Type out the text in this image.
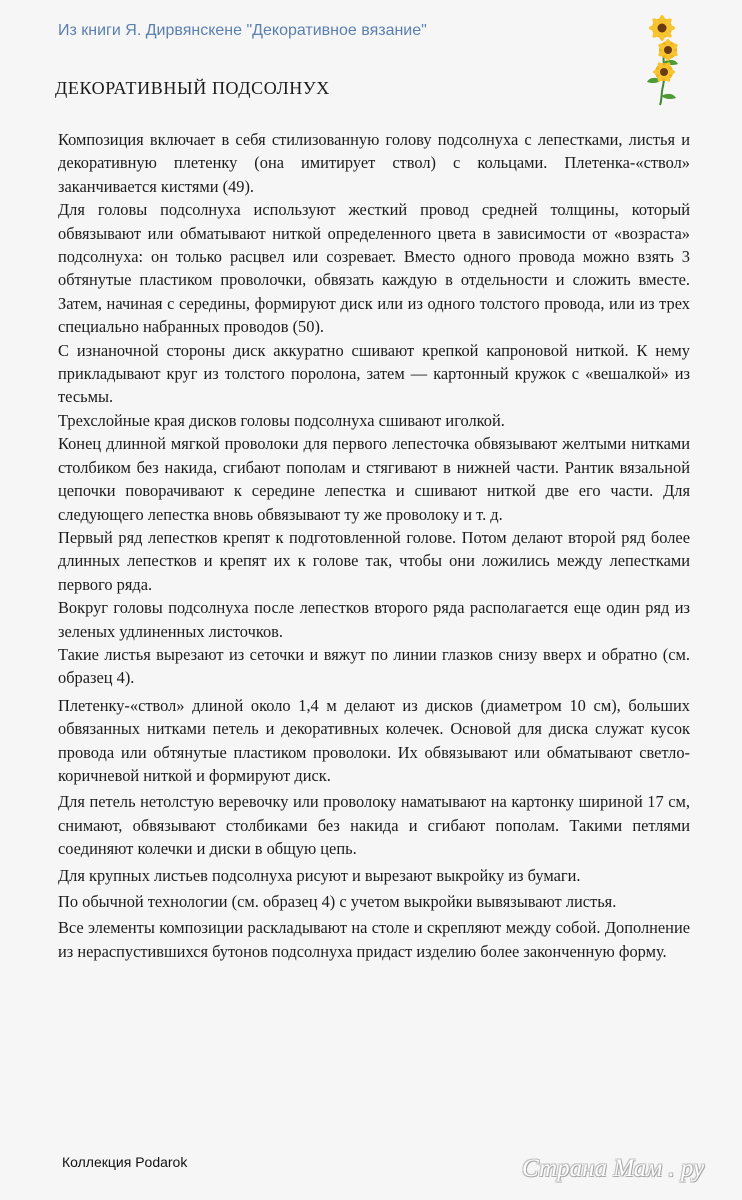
Из книги Я. Дирвянскене "Декоративное вязание"
ДЕКОРАТИВНЫЙ ПОДСОЛНУХ

Композиция включает в себя стилизованную голову подсолнуха с лепестками, листья и декоративную плетенку (она имитирует ствол) с кольцами. Плетенка-«ствол» заканчивается кистями (49).

Для головы подсолнуха используют жесткий провод средней толщины, который обвязывают или обматывают ниткой определенного цвета в зависимости от «возраста» подсолнуха: он только расцвел или созревает. Вместо одного провода можно взять 3 обтянутые пластиком проволочки, обвязать каждую в отдельности и сложить вместе. Затем, начиная с середины, формируют диск или из одного толстого провода, или из трех специально набранных проводов (50).

С изнаночной стороны диск аккуратно сшивают крепкой капроновой ниткой. К нему прикладывают круг из толстого поролона, затем — картонный кружок с «вешалкой» из тесьмы.

Трехслойные края дисков головы подсолнуха сшивают иголкой.

Конец длинной мягкой проволоки для первого лепесточка обвязывают желтыми нитками столбиком без накида, сгибают пополам и стягивают в нижней части. Рантик вязальной цепочки поворачивают к середине лепестка и сшивают ниткой две его части. Для следующего лепестка вновь обвязывают ту же проволоку и т. д.

Первый ряд лепестков крепят к подготовленной голове. Потом делают второй ряд более длинных лепестков и крепят их к голове так, чтобы они ложились между лепестками первого ряда.

Вокруг головы подсолнуха после лепестков второго ряда располагается еще один ряд из зеленых удлиненных листочков.

Такие листья вырезают из сеточки и вяжут по линии глазков снизу вверх и обратно (см. образец 4).

Плетенку-«ствол» длиной около 1,4 м делают из дисков (диаметром 10 см), больших обвязанных нитками петель и декоративных колечек. Основой для диска служат кусок провода или обтянутые пластиком проволоки. Их обвязывают или обматывают светло-коричневой ниткой и формируют диск.

Для петель нетолстую веревочку или проволоку наматывают на картонку шириной 17 см, снимают, обвязывают столбиками без накида и сгибают пополам. Такими петлями соединяют колечки и диски в общую цепь.

Для крупных листьев подсолнуха рисуют и вырезают выкройку из бумаги.

По обычной технологии (см. образец 4) с учетом выкройки вывязывают листья.

Все элементы композиции раскладывают на столе и скрепляют между собой. Дополнение из нераспустившихся бутонов подсолнуха придаст изделию более законченную форму.

Коллекция Podarok	Страна Мам . ру
